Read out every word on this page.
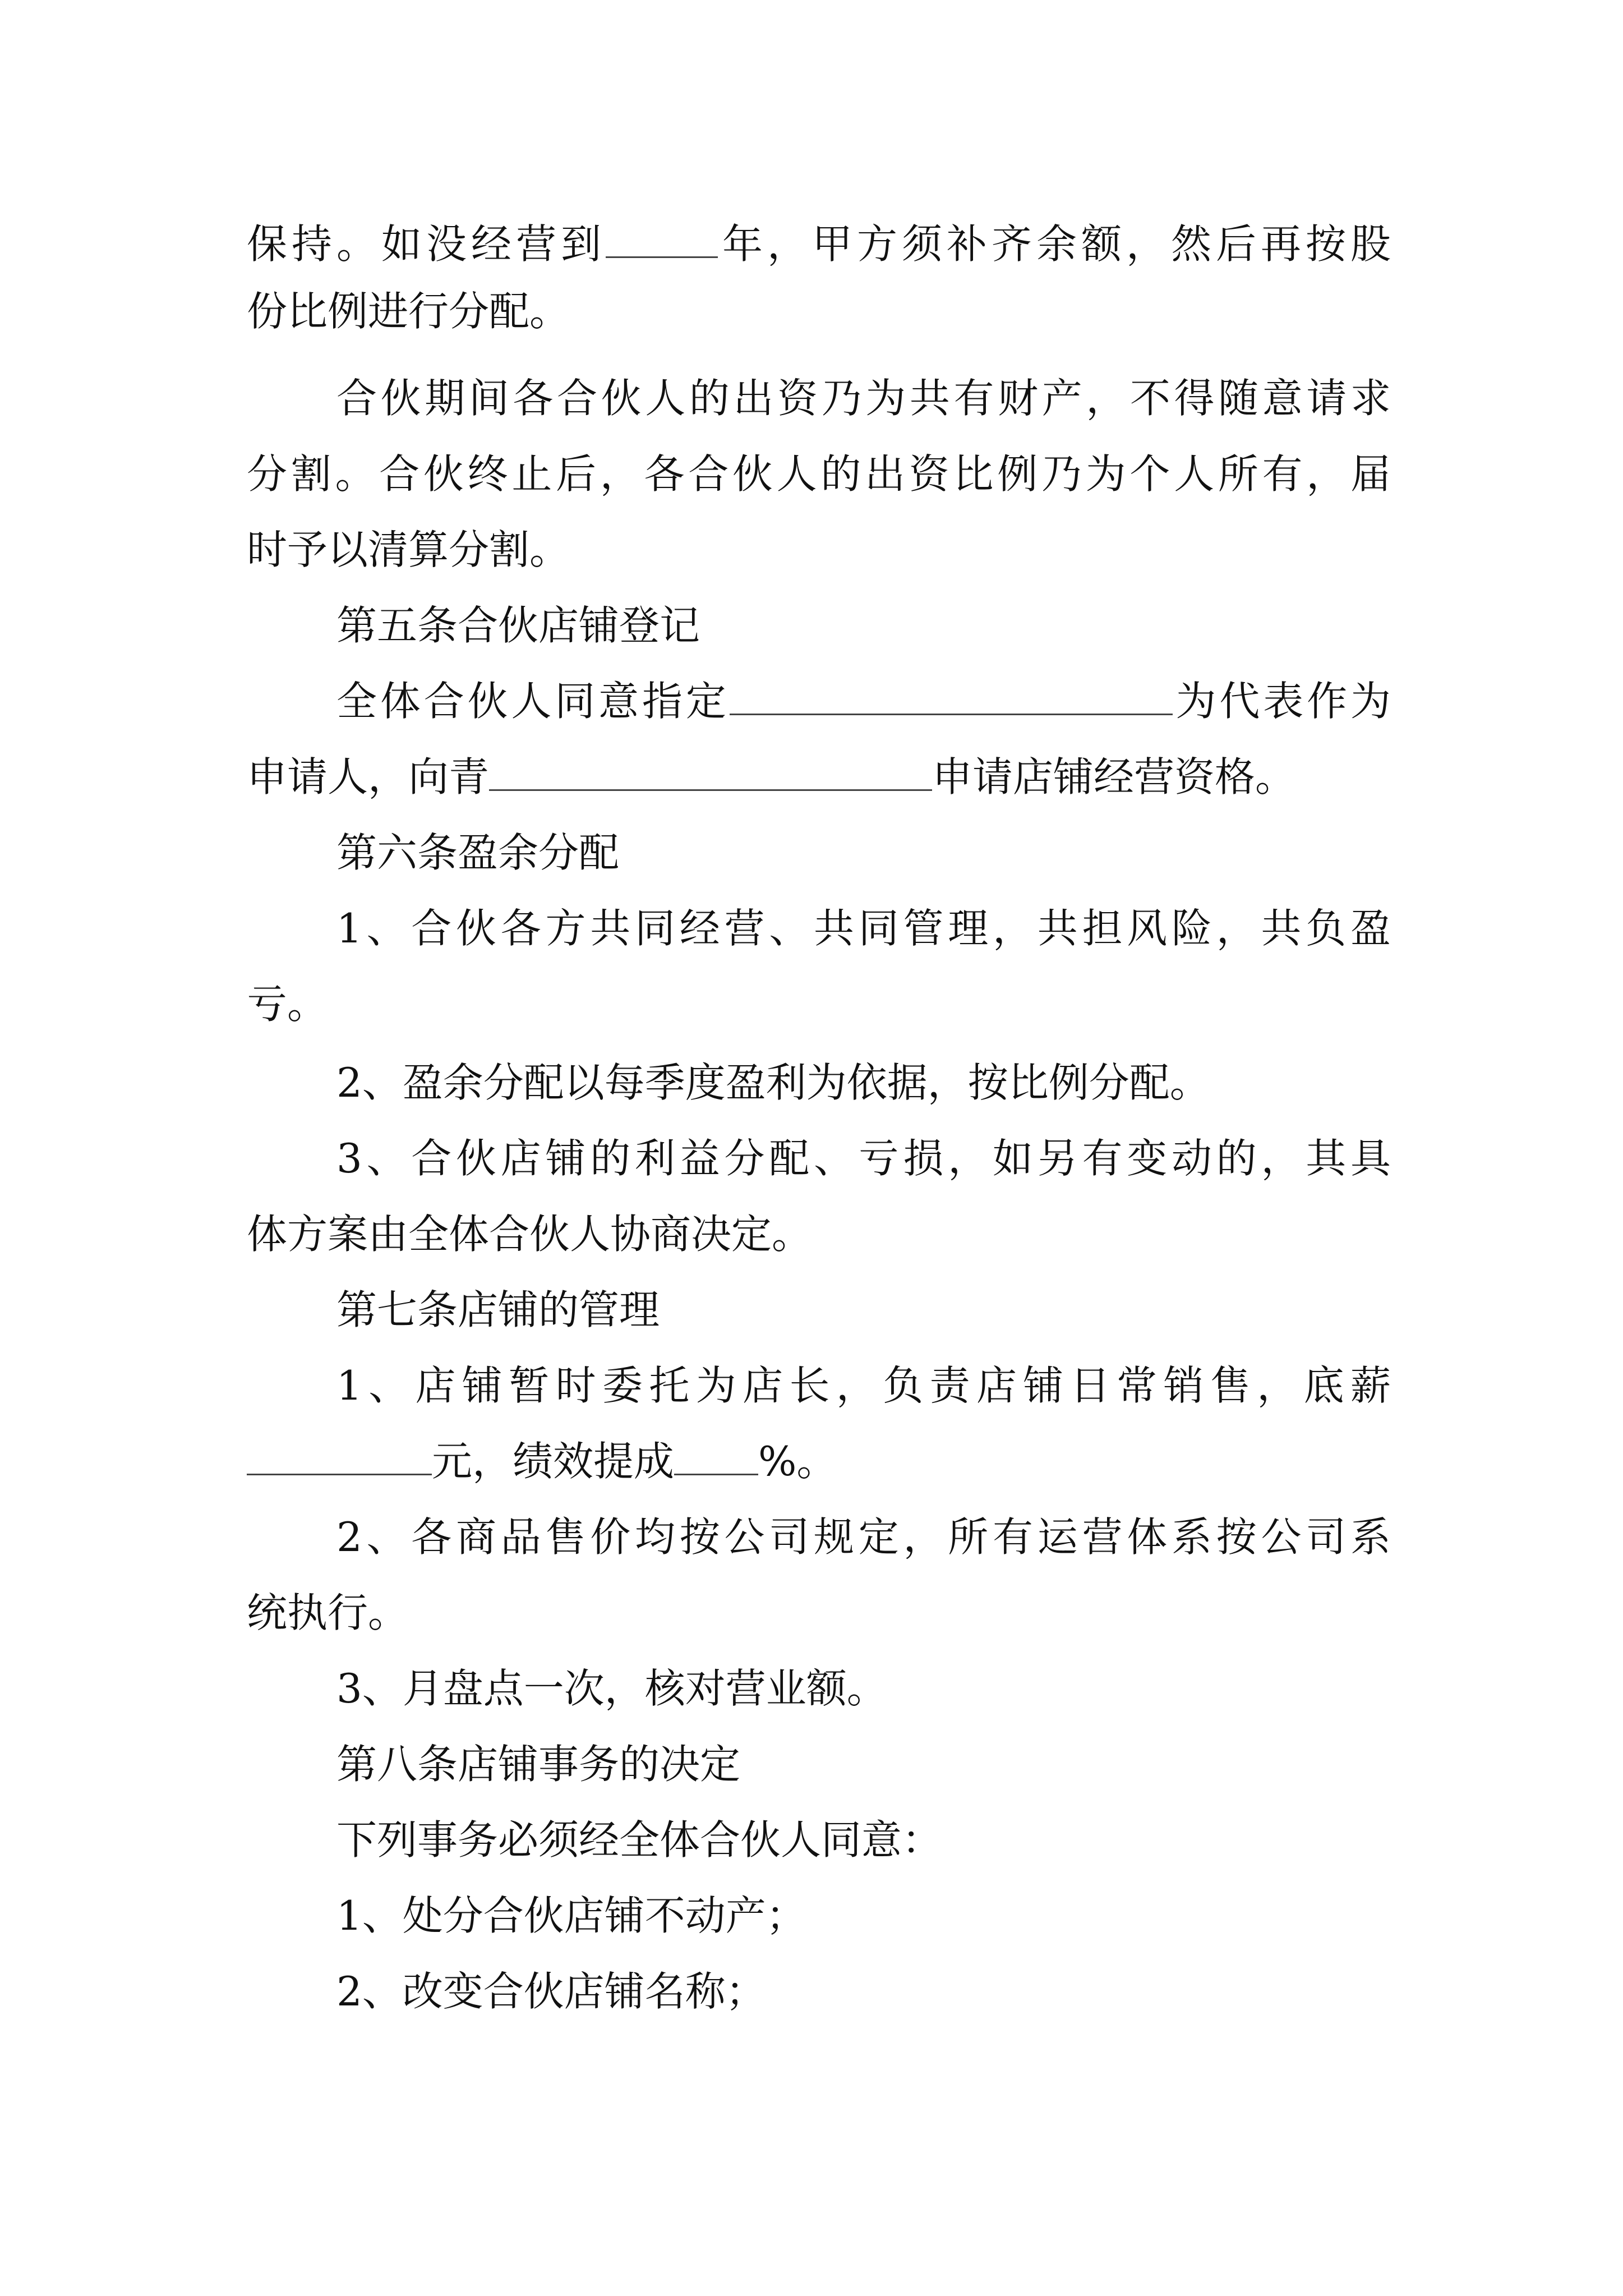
保持。如没经营到	年，甲方须补齐余额，然后再按股
份比例进行分配。
合伙期间各合伙人的出资乃为共有财产，不得随意请求
分割。合伙终止后，各合伙人的出资比例乃为个人所有，届
时予以清算分割。
第五条合伙店铺登记
全体合伙人同意指定	为代表作为
申请人，向青	申请店铺经营资格。
第六条盈余分配
1、合伙各方共同经营、共同管理，共担风险，共负盈
亏。
2、盈余分配以每季度盈利为依据，按比例分配。
3、合伙店铺的利益分配、亏损，如另有变动的，其具
体方案由全体合伙人协商决定。
第七条店铺的管理
1、店铺暂时委托为店长，负责店铺日常销售，底薪
元，绩效提成 %。
2、各商品售价均按公司规定，所有运营体系按公司系
统执行。
3、月盘点一次，核对营业额。
第八条店铺事务的决定
下列事务必须经全体合伙人同意：
1、处分合伙店铺不动产；
2、改变合伙店铺名称；
